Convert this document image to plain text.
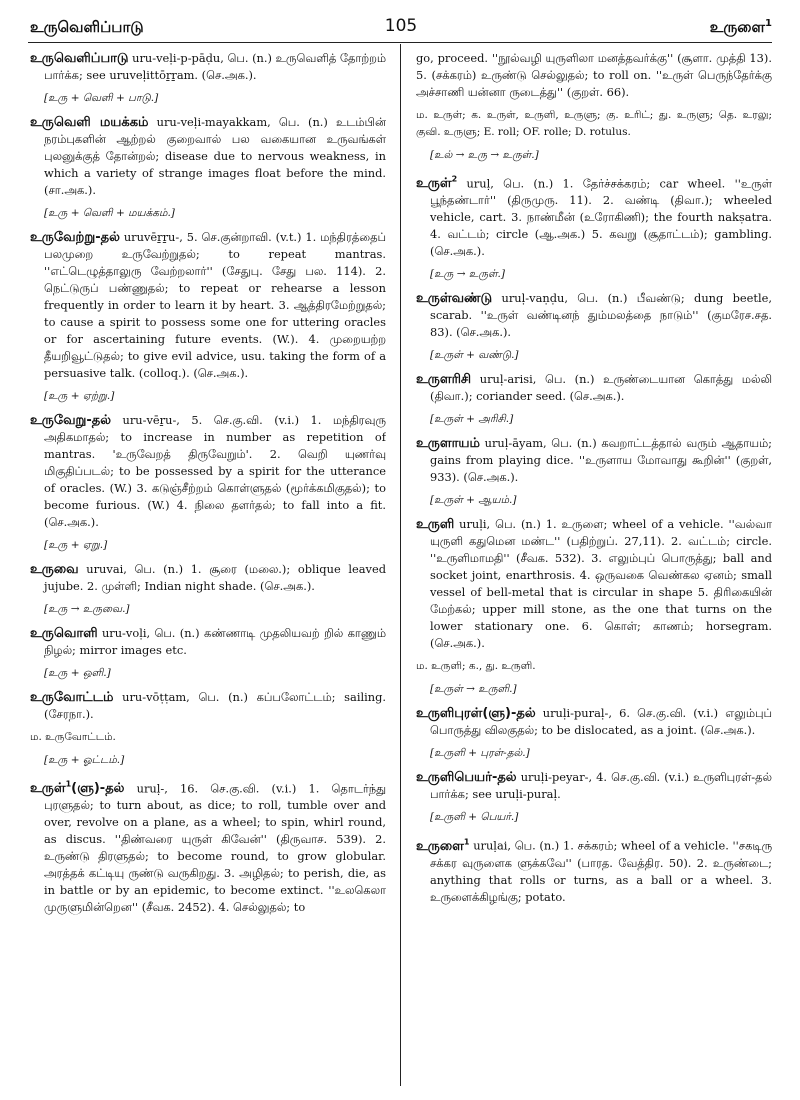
உருவெளிப்பாடு	105	உருளை$^1$

உருவெளிப்பாடு uru-veḷi-p-pāḍu, பெ. (n.) உருவெளித் தோற்றம் பார்க்க; see uruveḷittōṟṟam. (செ.அக.).

[உரு + வெளி + பாடு.]

உருவெளி மயக்கம் uru-veḷi-mayakkam, பெ. (n.) உடம்பின் நரம்புகளின் ஆற்றல் குறைவால் பல வகையான உருவங்கள் புலனுக்குத் தோன்றல்; disease due to nervous weakness, in which a variety of strange images float before the mind. (சா.அக.).

[உரு + வெளி + மயக்கம்.]

உருவேற்று-தல் uruvēṟṟu-, 5. செ.குன்றாவி. (v.t.) 1. மந்திரத்தைப் பலமுறை உருவேற்றுதல்; to repeat mantras. ''எட்டெழுத்தாலுரு வேற்றலார்'' (சேதுபு. சேது பல. 114). 2. நெட்டுருப் பண்ணுதல்; to repeat or rehearse a lesson frequently in order to learn it by heart. 3. ஆத்திரமேற்றுதல்; to cause a spirit to possess some one for uttering oracles or for ascertaining future events. (W.). 4. முறையற்ற தீயறிவூட்டுதல்; to give evil advice, usu. taking the form of a persuasive talk. (colloq.). (செ.அக.).

[உரு + ஏற்று.]

உருவேறு-தல் uru-vēṟu-, 5. செ.கு.வி. (v.i.) 1. மந்திரவுரு அதிகமாதல்; to increase in number as repetition of mantras. 'உருவேறத் திருவேறும்'. 2. வெறி யுணர்வு மிகுதிப்படல்; to be possessed by a spirit for the utterance of oracles. (W.) 3. கடுஞ்சீற்றம் கொள்ளுதல் (மூர்க்கமிகுதல்); to become furious. (W.) 4. நிலை தளர்தல்; to fall into a fit. (செ.அக.).

[உரு + ஏறு.]

உருவை uruvai, பெ. (n.) 1. சூரை (மலை.); oblique leaved jujube. 2. முள்ளி; Indian night shade. (செ.அக.).

[உரு → உருவை.]

உருவொளி uru-voḷi, பெ. (n.) கண்ணாடி முதலியவற் றில் காணும் நிழல்; mirror images etc.

[உரு + ஒளி.]

உருவோட்டம் uru-vōṭṭam, பெ. (n.) கப்பலோட்டம்; sailing. (சேரநா.).

ம. உருவோட்டம்.
[உரு + ஓட்டம்.]

உருள்$^1$(ளு)-தல் uruḷ-, 16. செ.கு.வி. (v.i.) 1. தொடர்ந்து புரளுதல்; to turn about, as dice; to roll, tumble over and over, revolve on a plane, as a wheel; to spin, whirl round, as discus. ''திண்வரை யுருள் கிவேன்'' (திருவாச. 539). 2. உருண்டு திரளுதல்; to become round, to grow globular. அரத்தக் கட்டியு ருண்டு வருகிறது. 3. அழிதல்; to perish, die, as in battle or by an epidemic, to become extinct. ''உலகெலா முருளுமின்றென'' (சீவக. 2452). 4. செல்லுதல்; to

go, proceed. ''நூல்வழி யுருளிலா மனத்தவர்க்கு'' (சூளா. முத்தி 13). 5. (சக்கரம்) உருண்டு செல்லுதல்; to roll on. ''உருள் பெருந்தேர்க்கு அச்சாணி யன்னா ருடைத்து'' (குறள். 66).

ம. உருள்; க. உருள், உருளி, உருளு; கு. உரிட்; து. உருளு; தெ. உரலு; குவி. உருளு; E. roll; OF. rolle; D. rotulus.
[உல் → உரு → உருள்.]

உருள்$^2$ uruḷ, பெ. (n.) 1. தேர்ச்சக்கரம்; car wheel. ''உருள் பூந்தண்டார்'' (திருமுரு. 11). 2. வண்டி (திவா.); wheeled vehicle, cart. 3. நாண்மீன் (உரோகிணி); the fourth nakṣatra. 4. வட்டம்; circle (ஆ.அக.) 5. கவறு (சூதாட்டம்); gambling. (செ.அக.).

[உரு → உருள்.]

உருள்வண்டு uruḷ-vaṇḍu, பெ. (n.) பீவண்டு; dung beetle, scarab. ''உருள் வண்டினந் தும்மலத்தை நாடும்'' (குமரேச.சத. 83). (செ.அக.).

[உருள் + வண்டு.]

உருளரிசி uruḷ-arisi, பெ. (n.) உருண்டையான கொத்து மல்லி (திவா.); coriander seed. (செ.அக.).

[உருள் + அரிசி.]

உருளாயம் uruḷ-āyam, பெ. (n.) கவறாட்டத்தால் வரும் ஆதாயம்; gains from playing dice. ''உருளாய மோவாது கூறின்'' (குறள், 933). (செ.அக.).

[உருள் + ஆயம்.]

உருளி uruḷi, பெ. (n.) 1. உருளை; wheel of a vehicle. ''வல்வா யுருளி கதுமென மண்ட'' (பதிற்றுப். 27,11). 2. வட்டம்; circle. ''உருளிமாமதி'' (சீவக. 532). 3. எலும்புப் பொருத்து; ball and socket joint, enarthrosis. 4. ஒருவகை வெண்கல ஏனம்; small vessel of bell-metal that is circular in shape 5. திரிகையின் மேற்கல்; upper mill stone, as the one that turns on the lower stationary one. 6. கொள்; காணம்; horsegram. (செ.அக.).

ம. உருளி; க., து. உருளி.
[உருள் → உருளி.]

உருளிபுரள்(ளு)-தல் uruḷi-puraḷ-, 6. செ.கு.வி. (v.i.) எலும்புப் பொருத்து விலகுதல்; to be dislocated, as a joint. (செ.அக.).

[உருளி + புரள்-தல்.]

உருளிபெயர்-தல் uruḷi-peyar-, 4. செ.கு.வி. (v.i.) உருளிபுரள்-தல் பார்க்க; see uruḷi-puraḷ.

[உருளி + பெயர்.]

உருளை$^1$ uruḷai, பெ. (n.) 1. சக்கரம்; wheel of a vehicle. ''சகடிரு சக்கர வுருளைக ளுக்கவே'' (பாரத. வேத்திர. 50). 2. உருண்டை; anything that rolls or turns, as a ball or a wheel. 3. உருளைக்கிழங்கு; potato.
